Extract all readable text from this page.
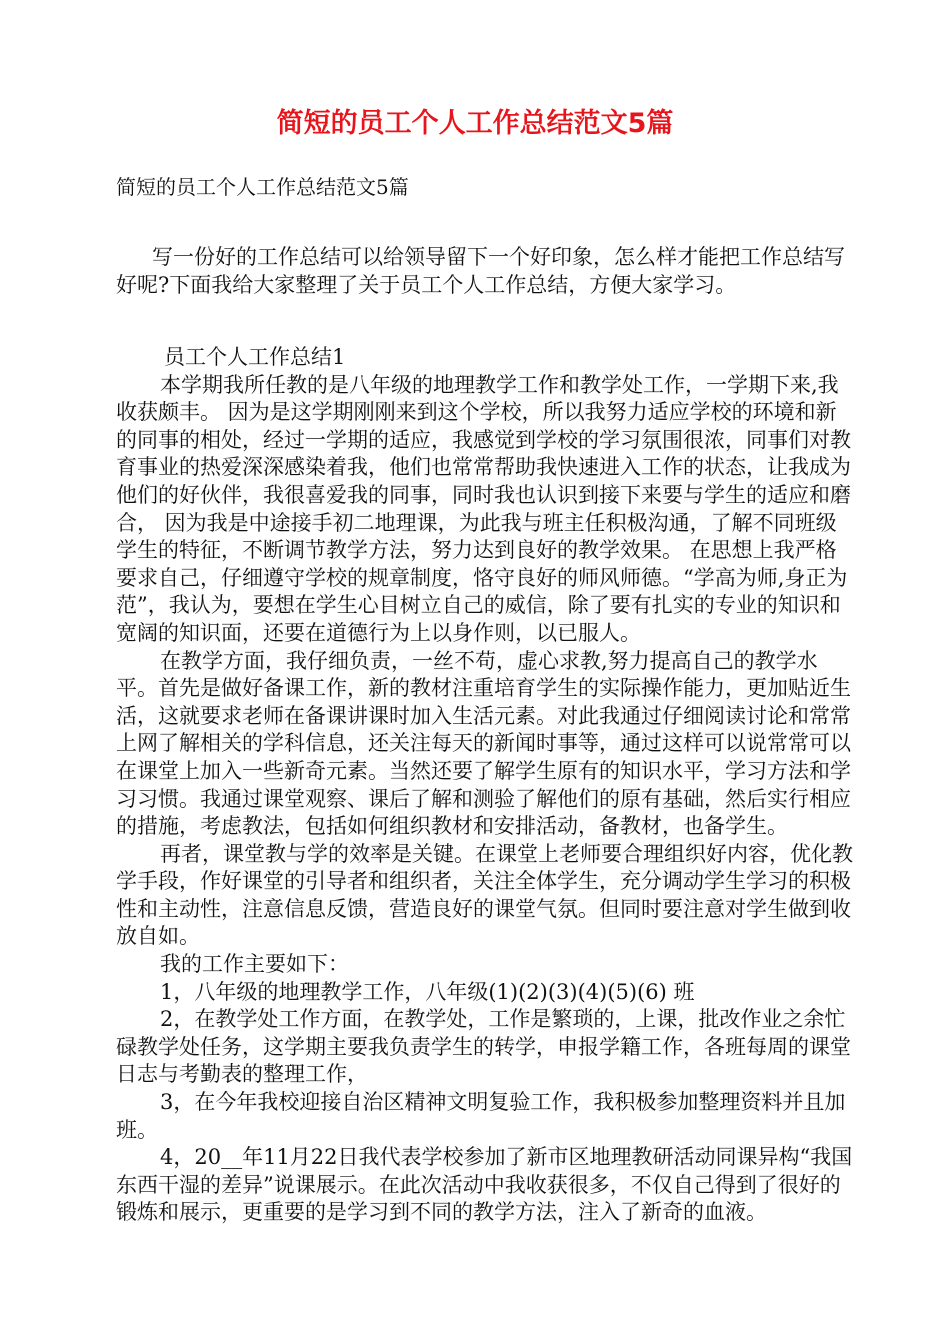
简短的员工个人工作总结范文5篇
简短的员工个人工作总结范文5篇
写一份好的工作总结可以给领导留下一个好印象，怎么样才能把工作总结写好呢?下面我给大家整理了关于员工个人工作总结，方便大家学习。

员工个人工作总结1

本学期我所任教的是八年级的地理教学工作和教学处工作，一学期下来,我收获颇丰。 因为是这学期刚刚来到这个学校，所以我努力适应学校的环境和新的同事的相处，经过一学期的适应，我感觉到学校的学习氛围很浓，同事们对教育事业的热爱深深感染着我，他们也常常帮助我快速进入工作的状态，让我成为他们的好伙伴，我很喜爱我的同事，同时我也认识到接下来要与学生的适应和磨合， 因为我是中途接手初二地理课，为此我与班主任积极沟通，了解不同班级学生的特征，不断调节教学方法，努力达到良好的教学效果。 在思想上我严格要求自己，仔细遵守学校的规章制度，恪守良好的师风师德。“学高为师,身正为范”，我认为，要想在学生心目树立自己的威信，除了要有扎实的专业的知识和宽阔的知识面，还要在道德行为上以身作则，以已服人。

在教学方面，我仔细负责，一丝不苟，虚心求教,努力提高自己的教学水平。首先是做好备课工作，新的教材注重培育学生的实际操作能力，更加贴近生活，这就要求老师在备课讲课时加入生活元素。对此我通过仔细阅读讨论和常常上网了解相关的学科信息，还关注每天的新闻时事等，通过这样可以说常常可以在课堂上加入一些新奇元素。当然还要了解学生原有的知识水平，学习方法和学习习惯。我通过课堂观察、课后了解和测验了解他们的原有基础，然后实行相应的措施，考虑教法，包括如何组织教材和安排活动，备教材，也备学生。

再者，课堂教与学的效率是关键。在课堂上老师要合理组织好内容，优化教学手段，作好课堂的引导者和组织者，关注全体学生，充分调动学生学习的积极性和主动性，注意信息反馈，营造良好的课堂气氛。但同时要注意对学生做到收放自如。

我的工作主要如下：

1，八年级的地理教学工作，八年级(1)(2)(3)(4)(5)(6) 班

2，在教学处工作方面，在教学处，工作是繁琐的，上课，批改作业之余忙碌教学处任务，这学期主要我负责学生的转学，申报学籍工作，各班每周的课堂日志与考勤表的整理工作，

3，在今年我校迎接自治区精神文明复验工作，我积极参加整理资料并且加班。

4，20__年11月22日我代表学校参加了新市区地理教研活动同课异构“我国东西干湿的差异”说课展示。在此次活动中我收获很多，不仅自己得到了很好的锻炼和展示，更重要的是学习到不同的教学方法，注入了新奇的血液。
